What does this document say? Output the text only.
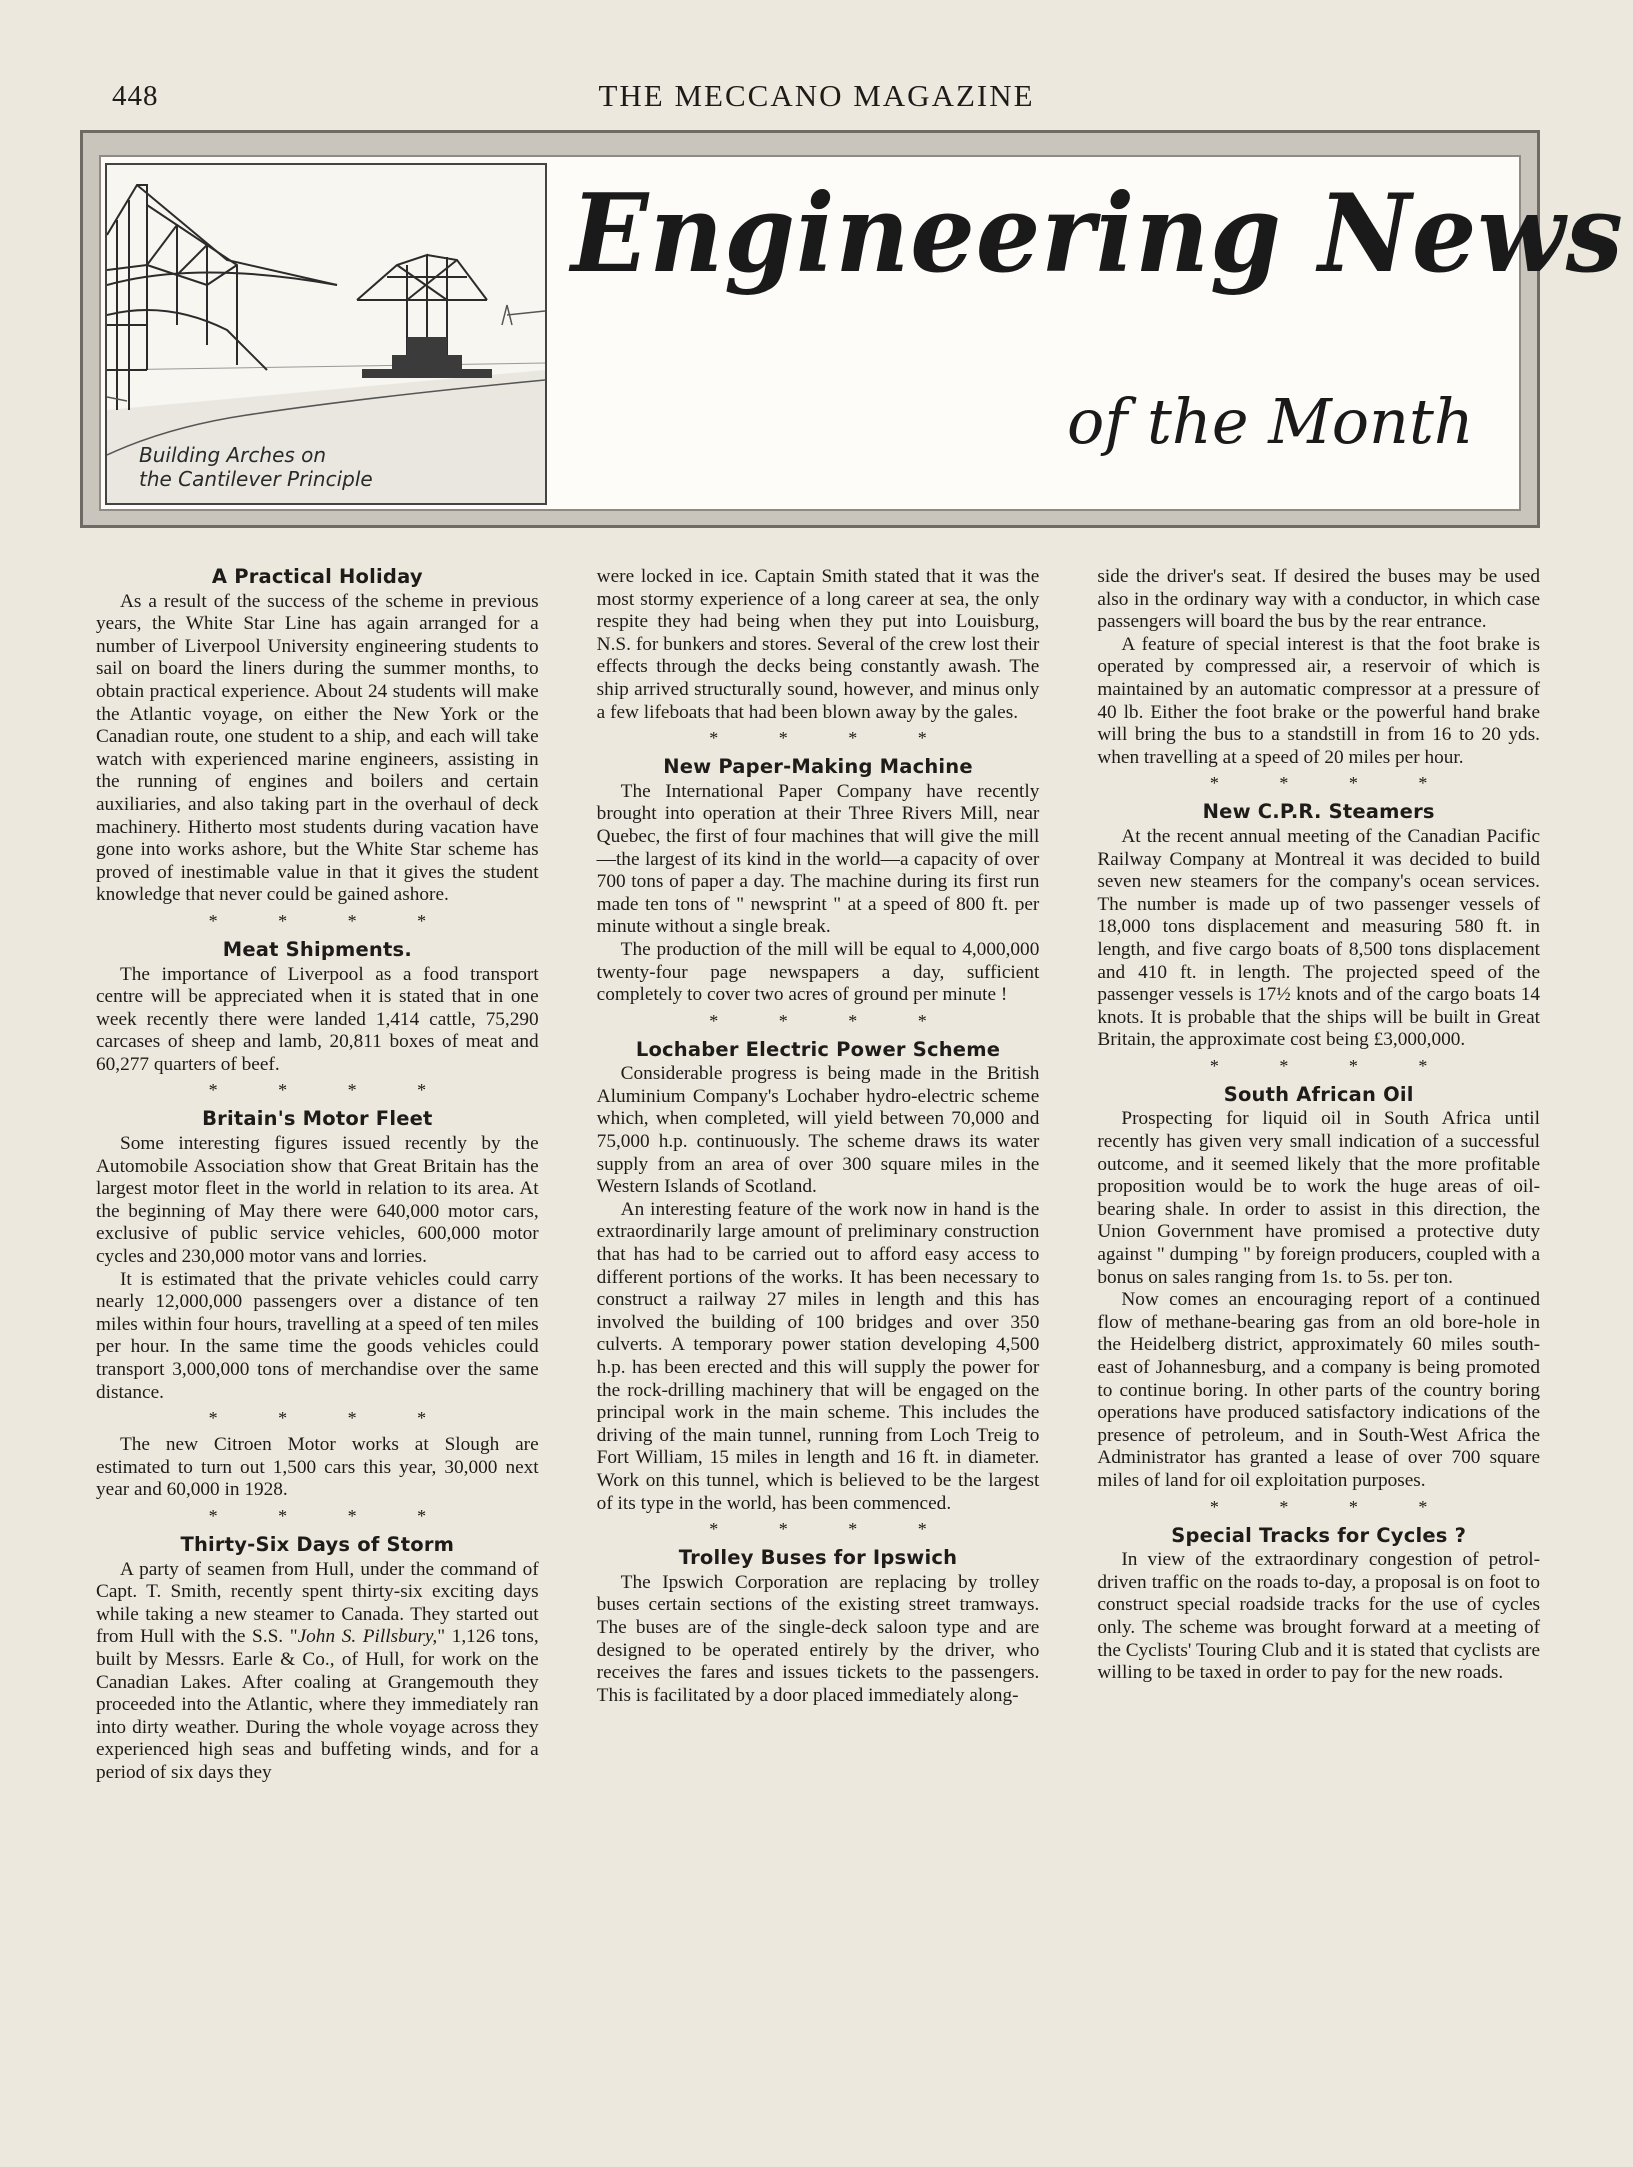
448	THE MECCANO MAGAZINE
Building Arches on
the Cantilever Principle
Engineering News
of the Month
A Practical Holiday

As a result of the success of the scheme in previous years, the White Star Line has again arranged for a number of Liverpool University engineering students to sail on board the liners during the summer months, to obtain practical experience. About 24 students will make the Atlantic voyage, on either the New York or the Canadian route, one student to a ship, and each will take watch with experienced marine engineers, assisting in the running of engines and boilers and certain auxiliaries, and also taking part in the overhaul of deck machinery. Hitherto most students during vacation have gone into works ashore, but the White Star scheme has proved of inestimable value in that it gives the student knowledge that never could be gained ashore.

* * * *
Meat Shipments.

The importance of Liverpool as a food transport centre will be appreciated when it is stated that in one week recently there were landed 1,414 cattle, 75,290 carcases of sheep and lamb, 20,811 boxes of meat and 60,277 quarters of beef.

* * * *
Britain's Motor Fleet

Some interesting figures issued recently by the Automobile Association show that Great Britain has the largest motor fleet in the world in relation to its area. At the beginning of May there were 640,000 motor cars, exclusive of public service vehicles, 600,000 motor cycles and 230,000 motor vans and lorries.

It is estimated that the private vehicles could carry nearly 12,000,000 passengers over a distance of ten miles within four hours, travelling at a speed of ten miles per hour. In the same time the goods vehicles could transport 3,000,000 tons of merchandise over the same distance.

* * * *

The new Citroen Motor works at Slough are estimated to turn out 1,500 cars this year, 30,000 next year and 60,000 in 1928.

* * * *
Thirty-Six Days of Storm

A party of seamen from Hull, under the command of Capt. T. Smith, recently spent thirty-six exciting days while taking a new steamer to Canada. They started out from Hull with the S.S. "John S. Pillsbury," 1,126 tons, built by Messrs. Earle & Co., of Hull, for work on the Canadian Lakes. After coaling at Grangemouth they proceeded into the Atlantic, where they immediately ran into dirty weather. During the whole voyage across they experienced high seas and buffeting winds, and for a period of six days they

were locked in ice. Captain Smith stated that it was the most stormy experience of a long career at sea, the only respite they had being when they put into Louisburg, N.S. for bunkers and stores. Several of the crew lost their effects through the decks being constantly awash. The ship arrived structurally sound, however, and minus only a few lifeboats that had been blown away by the gales.

* * * *
New Paper-Making Machine

The International Paper Company have recently brought into operation at their Three Rivers Mill, near Quebec, the first of four machines that will give the mill—the largest of its kind in the world—a capacity of over 700 tons of paper a day. The machine during its first run made ten tons of " newsprint " at a speed of 800 ft. per minute without a single break.

The production of the mill will be equal to 4,000,000 twenty-four page newspapers a day, sufficient completely to cover two acres of ground per minute !

* * * *
Lochaber Electric Power Scheme

Considerable progress is being made in the British Aluminium Company's Lochaber hydro-electric scheme which, when completed, will yield between 70,000 and 75,000 h.p. continuously. The scheme draws its water supply from an area of over 300 square miles in the Western Islands of Scotland.

An interesting feature of the work now in hand is the extraordinarily large amount of preliminary construction that has had to be carried out to afford easy access to different portions of the works. It has been necessary to construct a railway 27 miles in length and this has involved the building of 100 bridges and over 350 culverts. A temporary power station developing 4,500 h.p. has been erected and this will supply the power for the rock-drilling machinery that will be engaged on the principal work in the main scheme. This includes the driving of the main tunnel, running from Loch Treig to Fort William, 15 miles in length and 16 ft. in diameter. Work on this tunnel, which is believed to be the largest of its type in the world, has been commenced.

* * * *
Trolley Buses for Ipswich

The Ipswich Corporation are replacing by trolley buses certain sections of the existing street tramways. The buses are of the single-deck saloon type and are designed to be operated entirely by the driver, who receives the fares and issues tickets to the passengers. This is facilitated by a door placed immediately along-

side the driver's seat. If desired the buses may be used also in the ordinary way with a conductor, in which case passengers will board the bus by the rear entrance.

A feature of special interest is that the foot brake is operated by compressed air, a reservoir of which is maintained by an automatic compressor at a pressure of 40 lb. Either the foot brake or the powerful hand brake will bring the bus to a standstill in from 16 to 20 yds. when travelling at a speed of 20 miles per hour.

* * * *
New C.P.R. Steamers

At the recent annual meeting of the Canadian Pacific Railway Company at Montreal it was decided to build seven new steamers for the company's ocean services. The number is made up of two passenger vessels of 18,000 tons displacement and measuring 580 ft. in length, and five cargo boats of 8,500 tons displacement and 410 ft. in length. The projected speed of the passenger vessels is 17½ knots and of the cargo boats 14 knots. It is probable that the ships will be built in Great Britain, the approximate cost being £3,000,000.

* * * *
South African Oil

Prospecting for liquid oil in South Africa until recently has given very small indication of a successful outcome, and it seemed likely that the more profitable proposition would be to work the huge areas of oil-bearing shale. In order to assist in this direction, the Union Government have promised a protective duty against " dumping " by foreign producers, coupled with a bonus on sales ranging from 1s. to 5s. per ton.

Now comes an encouraging report of a continued flow of methane-bearing gas from an old bore-hole in the Heidelberg district, approximately 60 miles south-east of Johannesburg, and a company is being promoted to continue boring. In other parts of the country boring operations have produced satisfactory indications of the presence of petroleum, and in South-West Africa the Administrator has granted a lease of over 700 square miles of land for oil exploitation purposes.

* * * *
Special Tracks for Cycles ?

In view of the extraordinary congestion of petrol-driven traffic on the roads to-day, a proposal is on foot to construct special roadside tracks for the use of cycles only. The scheme was brought forward at a meeting of the Cyclists' Touring Club and it is stated that cyclists are willing to be taxed in order to pay for the new roads.
